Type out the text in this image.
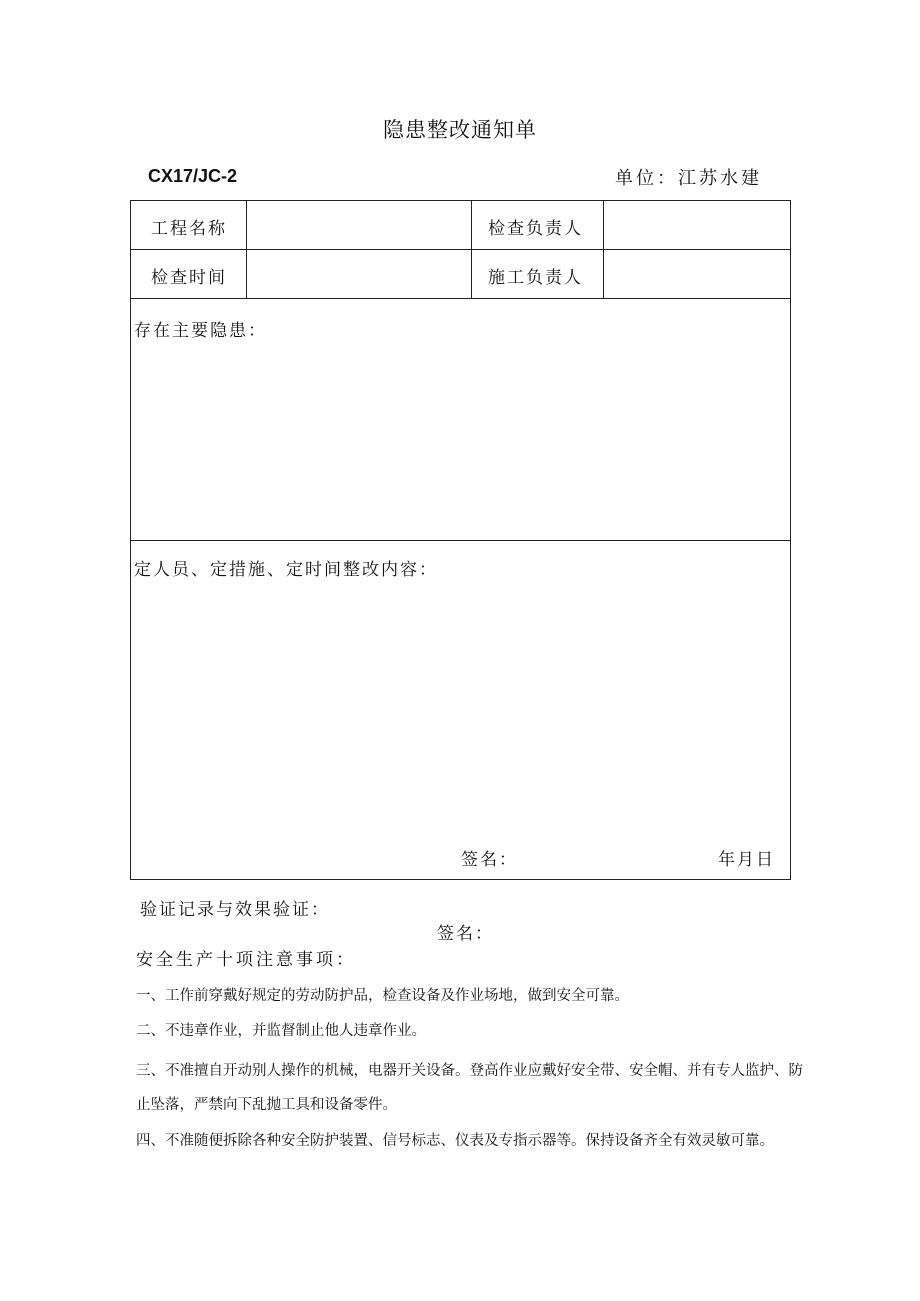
隐患整改通知单
CX17/JC-2	单位：江苏水建
工程名称	检查负责人
检查时间	施工负责人
存在主要隐患：
定人员、定措施、定时间整改内容：
签名：	年月日
验证记录与效果验证：
签名：
安全生产十项注意事项：
一、工作前穿戴好规定的劳动防护品，检查设备及作业场地，做到安全可靠。
二、不违章作业，并监督制止他人违章作业。
三、不准擅自开动别人操作的机械，电器开关设备。登高作业应戴好安全带、安全帽、并有专人监护、防止坠落，严禁向下乱抛工具和设备零件。
四、不准随便拆除各种安全防护装置、信号标志、仪表及专指示器等。保持设备齐全有效灵敏可靠。
